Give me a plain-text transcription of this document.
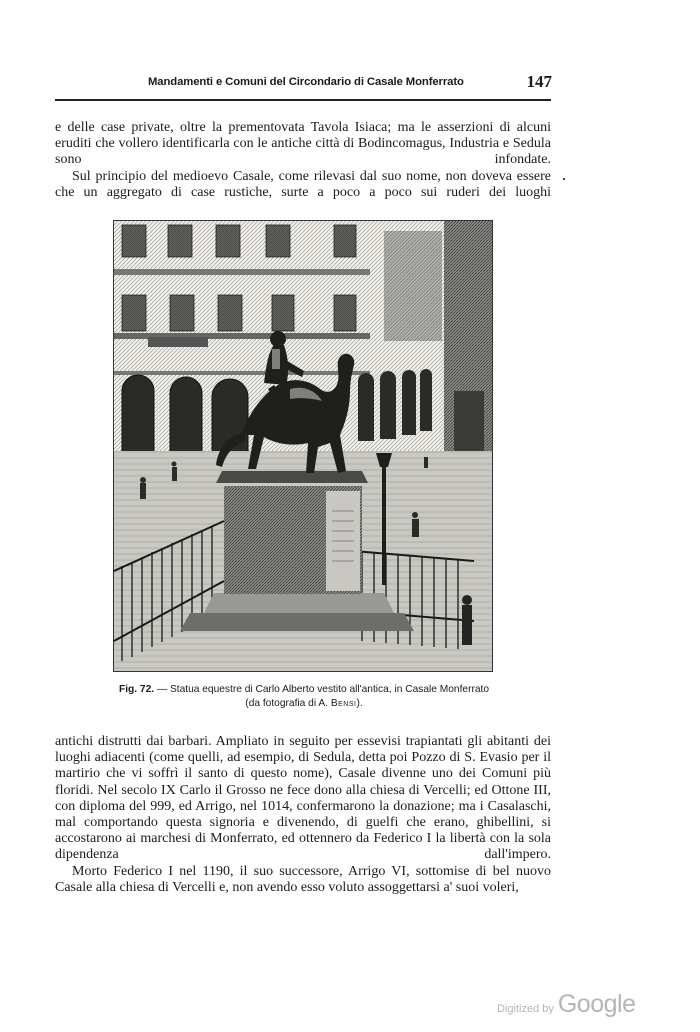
Mandamenti e Comuni del Circondario di Casale Monferrato	147

e delle case private, oltre la prementovata Tavola Isiaca; ma le asserzioni di alcuni eruditi che vollero identificarla con le antiche città di Bodincomagus, Industria e Sedula sono infondate.

Sul principio del medioevo Casale, come rilevasi dal suo nome, non doveva essere che un aggregato di case rustiche, surte a poco a poco sui ruderi dei luoghi

Fig. 72. — Statua equestre di Carlo Alberto vestito all'antica, in Casale Monferrato
(da fotografia di A. Bensi).

antichi distrutti dai barbari. Ampliato in seguito per essevisi trapiantati gli abitanti dei luoghi adiacenti (come quelli, ad esempio, di Sedula, detta poi Pozzo di S. Evasio per il martirio che vi soffrì il santo di questo nome), Casale divenne uno dei Comuni più floridi. Nel secolo IX Carlo il Grosso ne fece dono alla chiesa di Vercelli; ed Ottone III, con diploma del 999, ed Arrigo, nel 1014, confermarono la donazione; ma i Casalaschi, mal comportando questa signoria e divenendo, di guelfi che erano, ghibellini, si accostarono ai marchesi di Monferrato, ed ottennero da Federico I la libertà con la sola dipendenza dall'impero.

Morto Federico I nel 1190, il suo successore, Arrigo VI, sottomise di bel nuovo Casale alla chiesa di Vercelli e, non avendo esso voluto assoggettarsi a' suoi voleri,

Digitized by Google
